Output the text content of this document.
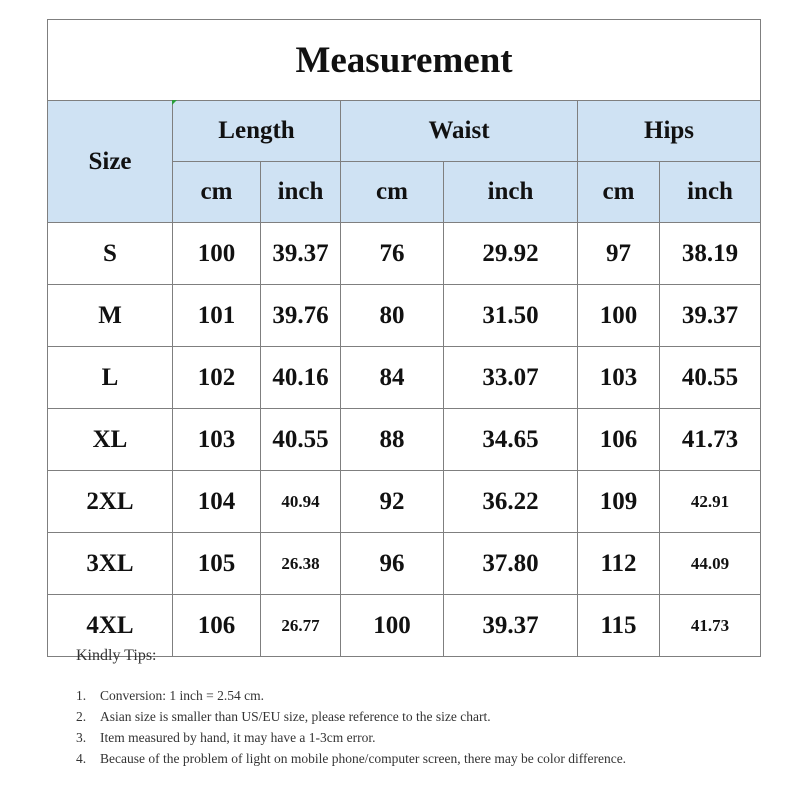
Measurement						
Size	Length		Waist		Hips	
	cm	inch	cm	inch	cm	inch
S	100	39.37	76	29.92	97	38.19
M	101	39.76	80	31.50	100	39.37
L	102	40.16	84	33.07	103	40.55
XL	103	40.55	88	34.65	106	41.73
2XL	104	40.94	92	36.22	109	42.91
3XL	105	26.38	96	37.80	112	44.09
4XL	106	26.77	100	39.37	115	41.73
Kindly Tips:
1.	Conversion: 1 inch = 2.54 cm.
2.	Asian size is smaller than US/EU size, please reference to the size chart.
3.	Item measured by hand, it may have a 1-3cm error.
4.	Because of the problem of light on mobile phone/computer screen, there may be color difference.
